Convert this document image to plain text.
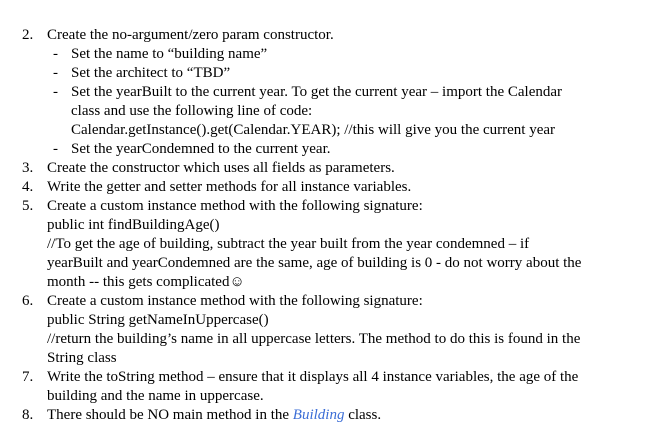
2. Create the no-argument/zero param constructor.
- Set the name to “building name”
- Set the architect to “TBD”
- Set the yearBuilt to the current year. To get the current year – import the Calendar
class and use the following line of code:
Calendar.getInstance().get(Calendar.YEAR); //this will give you the current year
- Set the yearCondemned to the current year.
3. Create the constructor which uses all fields as parameters.
4. Write the getter and setter methods for all instance variables.
5. Create a custom instance method with the following signature:
public int findBuildingAge()
//To get the age of building, subtract the year built from the year condemned – if
yearBuilt and yearCondemned are the same, age of building is 0 - do not worry about the
month -- this gets complicated☺
6. Create a custom instance method with the following signature:
public String getNameInUppercase()
//return the building’s name in all uppercase letters. The method to do this is found in the
String class
7. Write the toString method – ensure that it displays all 4 instance variables, the age of the
building and the name in uppercase.
8. There should be NO main method in the Building class.
